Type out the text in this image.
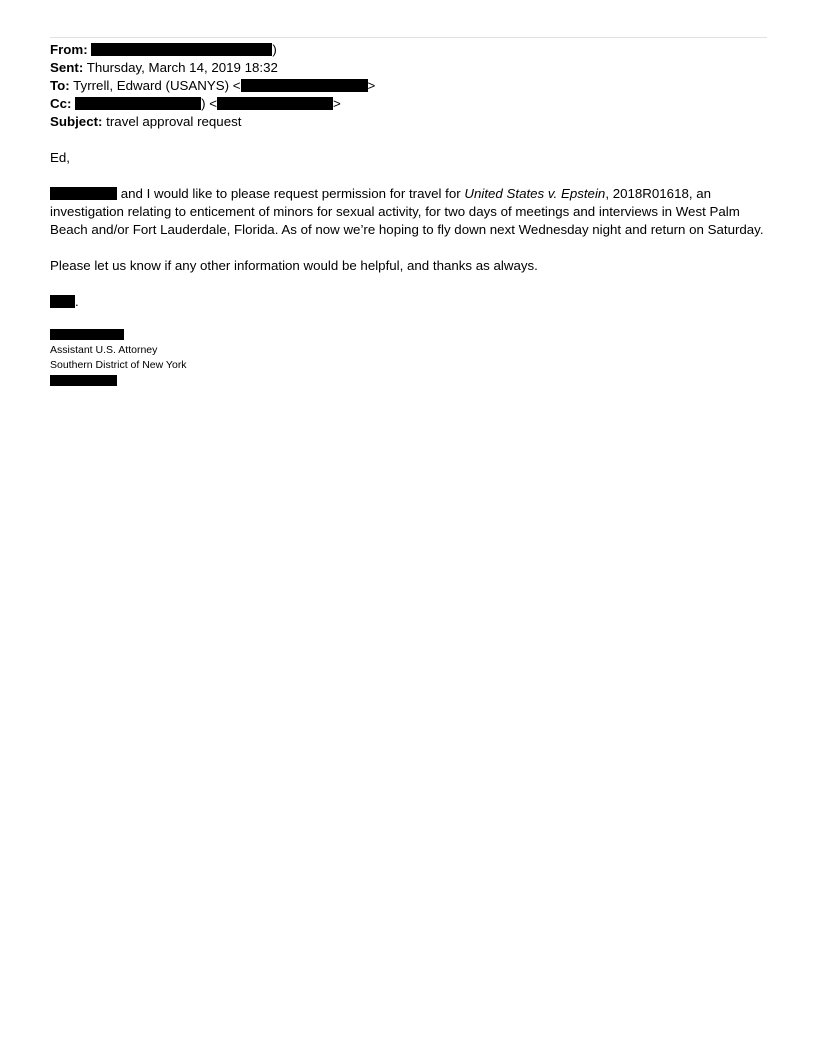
From:	)
Sent: Thursday, March 14, 2019 18:32
To: Tyrrell, Edward (USANYS) <	>
Cc:	) <	>
Subject: travel approval request

Ed,

and I would like to please request permission for travel for United States v. Epstein, 2018R01618, an investigation relating to enticement of minors for sexual activity, for two days of meetings and interviews in West Palm Beach and/or Fort Lauderdale, Florida. As of now we’re hoping to fly down next Wednesday night and return on Saturday.

Please let us know if any other information would be helpful, and thanks as always.

.

Assistant U.S. Attorney
Southern District of New York
